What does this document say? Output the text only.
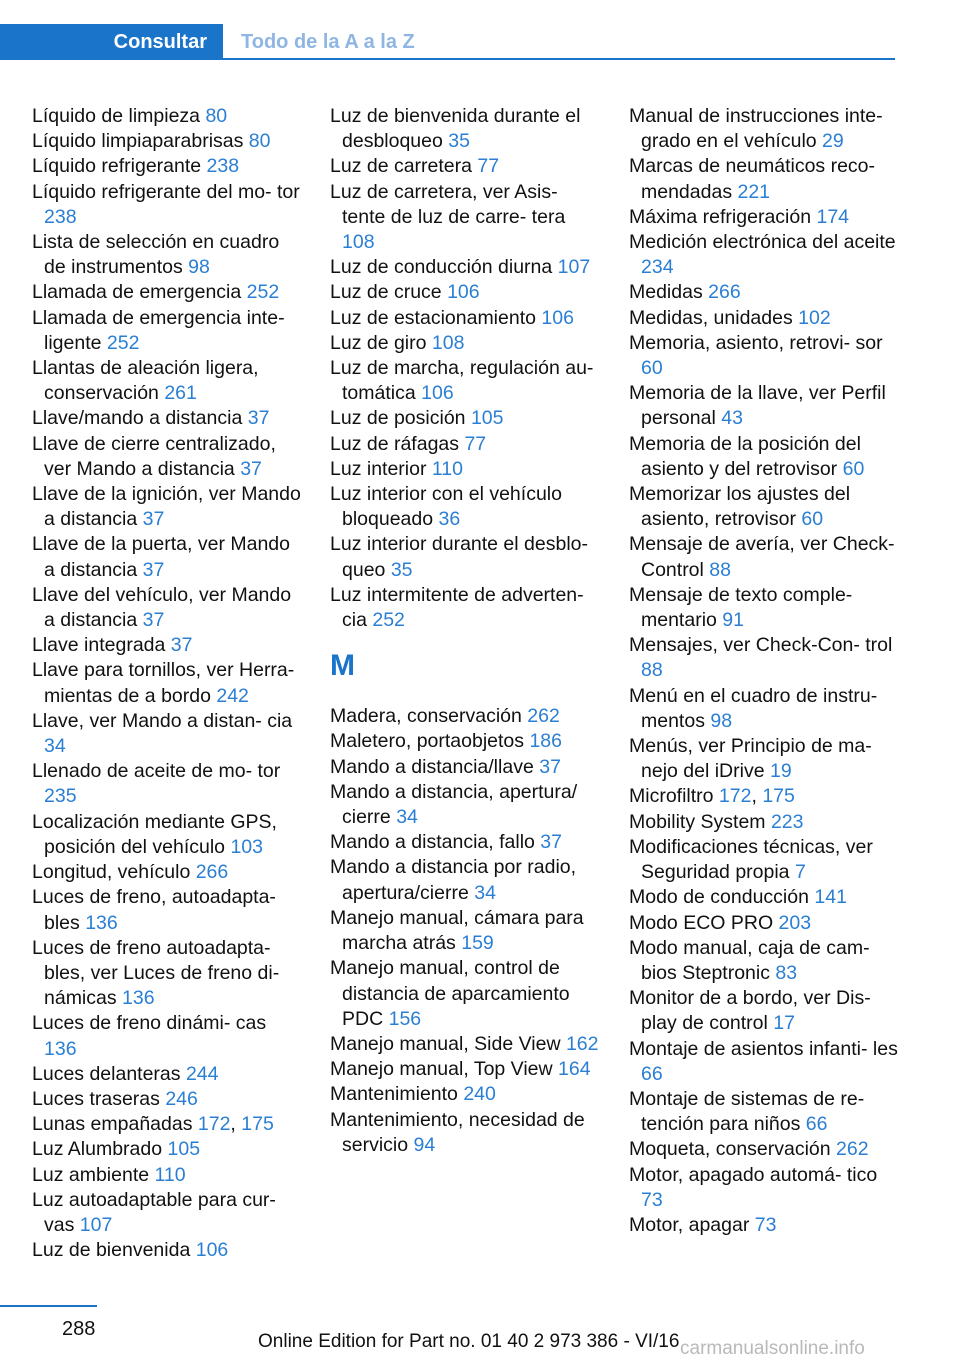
Consultar	Todo de la A a la Z
Líquido de limpieza 80
Líquido limpiaparabrisas 80
Líquido refrigerante 238
Líquido refrigerante del mo‐ tor 238
Lista de selección en cuadro de instrumentos 98
Llamada de emergencia 252
Llamada de emergencia inte‐ ligente 252
Llantas de aleación ligera, conservación 261
Llave/mando a distancia 37
Llave de cierre centralizado, ver Mando a distancia 37
Llave de la ignición, ver Mando a distancia 37
Llave de la puerta, ver Mando a distancia 37
Llave del vehículo, ver Mando a distancia 37
Llave integrada 37
Llave para tornillos, ver Herra‐ mientas de a bordo 242
Llave, ver Mando a distan‐ cia 34
Llenado de aceite de mo‐ tor 235
Localización mediante GPS, posición del vehículo 103
Longitud, vehículo 266
Luces de freno, autoadapta‐ bles 136
Luces de freno autoadapta‐ bles, ver Luces de freno di‐ námicas 136
Luces de freno dinámi‐ cas 136
Luces delanteras 244
Luces traseras 246
Lunas empañadas 172, 175
Luz Alumbrado 105
Luz ambiente 110
Luz autoadaptable para cur‐ vas 107
Luz de bienvenida 106
Luz de bienvenida durante el desbloqueo 35
Luz de carretera 77
Luz de carretera, ver Asis‐ tente de luz de carre‐ tera 108
Luz de conducción diurna 107
Luz de cruce 106
Luz de estacionamiento 106
Luz de giro 108
Luz de marcha, regulación au‐ tomática 106
Luz de posición 105
Luz de ráfagas 77
Luz interior 110
Luz interior con el vehículo bloqueado 36
Luz interior durante el desblo‐ queo 35
Luz intermitente de adverten‐ cia 252
M
Madera, conservación 262
Maletero, portaobjetos 186
Mando a distancia/llave 37
Mando a distancia, apertura/ cierre 34
Mando a distancia, fallo 37
Mando a distancia por radio, apertura/cierre 34
Manejo manual, cámara para marcha atrás 159
Manejo manual, control de distancia de aparcamiento PDC 156
Manejo manual, Side View 162
Manejo manual, Top View 164
Mantenimiento 240
Mantenimiento, necesidad de servicio 94
Manual de instrucciones inte‐ grado en el vehículo 29
Marcas de neumáticos reco‐ mendadas 221
Máxima refrigeración 174
Medición electrónica del aceite 234
Medidas 266
Medidas, unidades 102
Memoria, asiento, retrovi‐ sor 60
Memoria de la llave, ver Perfil personal 43
Memoria de la posición del asiento y del retrovisor 60
Memorizar los ajustes del asiento, retrovisor 60
Mensaje de avería, ver Check-Control 88
Mensaje de texto comple‐ mentario 91
Mensajes, ver Check-Con‐ trol 88
Menú en el cuadro de instru‐ mentos 98
Menús, ver Principio de ma‐ nejo del iDrive 19
Microfiltro 172, 175
Mobility System 223
Modificaciones técnicas, ver Seguridad propia 7
Modo de conducción 141
Modo ECO PRO 203
Modo manual, caja de cam‐ bios Steptronic 83
Monitor de a bordo, ver Dis‐ play de control 17
Montaje de asientos infanti‐ les 66
Montaje de sistemas de re‐ tención para niños 66
Moqueta, conservación 262
Motor, apagado automá‐ tico 73
Motor, apagar 73
288
Online Edition for Part no. 01 40 2 973 386 - VI/16 carmanualsonline.info
